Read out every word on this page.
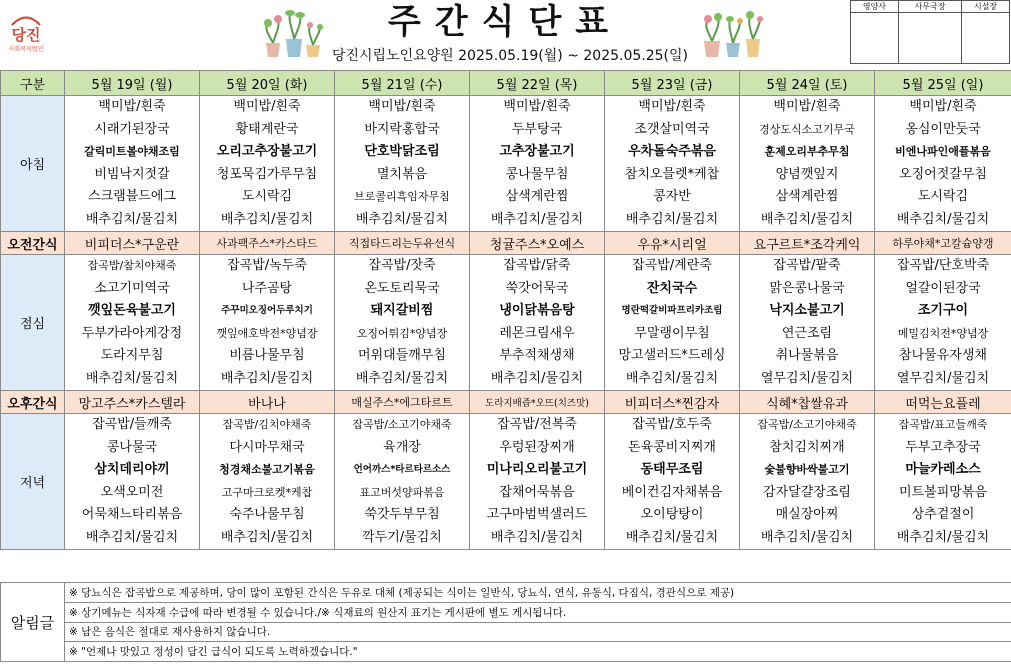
당진
사회복지법인
주간식단표
당진시립노인요양원 2025.05.19(월) ~ 2025.05.25(일)
영양사	사무국장	시설장

구분	5월 19일 (월)	5월 20일 (화)	5월 21일 (수)	5월 22일 (목)	5월 23일 (금)	5월 24일 (토)	5월 25일 (일)
아침	백미밥/흰죽	백미밥/흰죽	백미밥/흰죽	백미밥/흰죽	백미밥/흰죽	백미밥/흰죽	백미밥/흰죽
	시래기된장국	황태계란국	바지락홍합국	두부탕국	조갯살미역국	경상도식소고기무국	옹심이만둣국
	갈릭미트볼야채조림	오리고추장불고기	단호박닭조림	고추장불고기	우차돌숙주볶음	훈제오리부추무침	비엔나파인애플볶음
	비빔낙지젓갈	청포묵김가루무침	멸치볶음	콩나물무침	참치오믈렛*케찹	양념깻잎지	오징어젓갈무침
	스크램블드에그	도시락김	브로콜리흑임자무침	삼색계란찜	콩자반	삼색계란찜	도시락김
	배추김치/물김치	배추김치/물김치	배추김치/물김치	배추김치/물김치	배추김치/물김치	배추김치/물김치	배추김치/물김치
오전간식	비피더스*구운란	사과팩주스*카스타드	직접타드리는두유선식	청귤주스*오예스	우유*시리얼	요구르트*조각케익	하루야채*고칼슘양갱
점심	잡곡밥/참치야채죽	잡곡밥/녹두죽	잡곡밥/잣죽	잡곡밥/닭죽	잡곡밥/계란죽	잡곡밥/팥죽	잡곡밥/단호박죽
	소고기미역국	나주곰탕	온도토리묵국	쑥갓어묵국	잔치국수	맑은콩나물국	얼갈이된장국
	깻잎돈육불고기	주꾸미오징어두루치기	돼지갈비찜	냉이닭볶음탕	명란떡갈비파프리카조림	낙지소불고기	조기구이
	두부가라아게강정	깻잎애호박전*양념장	오징어튀김*양념장	레몬크림새우	무말랭이무침	연근조림	메밀김치전*양념장
	도라지무침	비름나물무침	머위대들깨무침	부추적채생채	망고샐러드*드레싱	취나물볶음	참나물유자생채
	배추김치/물김치	배추김치/물김치	배추김치/물김치	배추김치/물김치	배추김치/물김치	열무김치/물김치	열무김치/물김치
오후간식	망고주스*카스텔라	바나나	매실주스*에그타르트	도라지배즙*오뜨(치즈맛)	비피더스*찐감자	식혜*찹쌀유과	떠먹는요플레
저녁	잡곡밥/들깨죽	잡곡밥/김치야채죽	잡곡밥/소고기야채죽	잡곡밥/전복죽	잡곡밥/호두죽	잡곡밥/소고기야채죽	잡곡밥/표고들깨죽
	콩나물국	다시마무채국	육개장	우렁된장찌개	돈육콩비지찌개	참치김치찌개	두부고추장국
	삼치데리야끼	청경채소불고기볶음	언어까스*타르타르소스	미나리오리불고기	동태무조림	숯불향바싹불고기	마늘카레소스
	오색오미전	고구마크로켓*케찹	표고버섯양파볶음	잡채어묵볶음	베이컨김자채볶음	감자달걀장조림	미트볼피망볶음
	어묵채느타리볶음	숙주나물무침	쑥갓두부무침	고구마범벅샐러드	오이탕탕이	매실장아찌	상추겉절이
	배추김치/물김치	배추김치/물김치	깍두기/물김치	배추김치/물김치	배추김치/물김치	배추김치/물김치	배추김치/물김치
알림글	※ 당뇨식은 잡곡밥으로 제공하며, 당이 많이 포함된 간식은 두유로 대체 (제공되는 식이는 일반식, 당뇨식, 연식, 유동식, 다짐식, 경관식으로 제공)
※ 상기메뉴는 식자재 수급에 따라 변경될 수 있습니다./※ 식재료의 원산지 표기는 게시판에 별도 게시됩니다.
※ 남은 음식은 절대로 재사용하지 않습니다.
※ "언제나 맛있고 정성이 담긴 급식이 되도록 노력하겠습니다."
